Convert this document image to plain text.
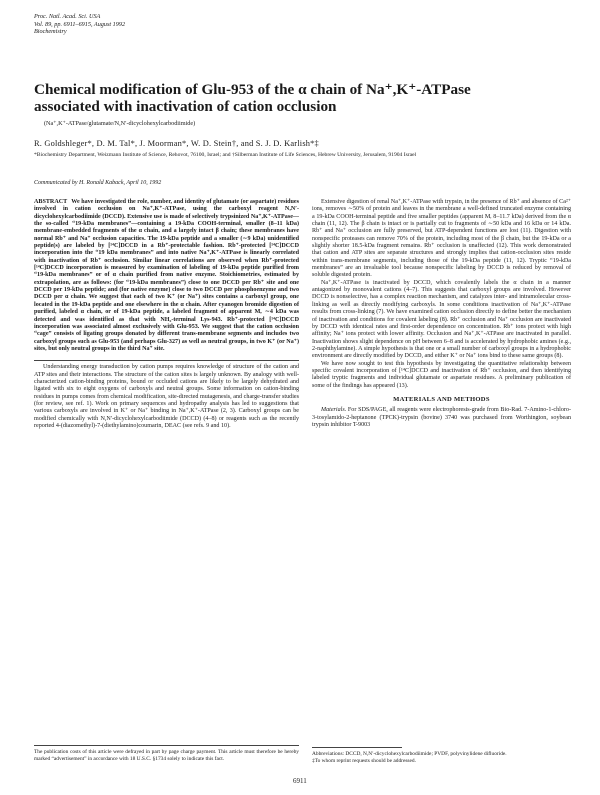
Proc. Natl. Acad. Sci. USA
Vol. 89, pp. 6911–6915, August 1992
Biochemistry
Chemical modification of Glu-953 of the α chain of Na⁺,K⁺-ATPase
associated with inactivation of cation occlusion
(Na⁺,K⁺-ATPase/glutamate/N,N′-dicyclohexylcarbodiimide)
R. Goldshleger*, D. M. Tal*, J. Moorman*, W. D. Stein†, and S. J. D. Karlish*‡
*Biochemistry Department, Weizmann Institute of Science, Rehovot, 76100, Israel; and †Silberman Institute of Life Sciences, Hebrew University, Jerusalem, 91904 Israel
Communicated by H. Ronald Kaback, April 10, 1992

ABSTRACT We have investigated the role, number, and identity of glutamate (or aspartate) residues involved in cation occlusion on Na⁺,K⁺-ATPase, using the carboxyl reagent N,N′-dicyclohexylcarbodiimide (DCCD). Extensive use is made of selectively trypsinized Na⁺,K⁺-ATPase—the so-called “19-kDa membranes”—containing a 19-kDa COOH-terminal, smaller (8–11 kDa) membrane-embedded fragments of the α chain, and a largely intact β chain; these membranes have normal Rb⁺ and Na⁺ occlusion capacities. The 19-kDa peptide and a smaller (∼9 kDa) unidentified peptide(s) are labeled by [¹⁴C]DCCD in a Rb⁺-protectable fashion. Rb⁺-protected [¹⁴C]DCCD incorporation into the “19 kDa membranes” and into native Na⁺,K⁺-ATPase is linearly correlated with inactivation of Rb⁺ occlusion. Similar linear correlations are observed when Rb⁺-protected [¹⁴C]DCCD incorporation is measured by examination of labeling of 19-kDa peptide purified from “19-kDa membranes” or of α chain purified from native enzyme. Stoichiometries, estimated by extrapolation, are as follows: (for “19-kDa membranes”) close to one DCCD per Rb⁺ site and one DCCD per 19-kDa peptide; and (for native enzyme) close to two DCCD per phosphoenzyme and two DCCD per α chain. We suggest that each of two K⁺ (or Na⁺) sites contains a carboxyl group, one located in the 19-kDa peptide and one elsewhere in the α chain. After cyanogen bromide digestion of purified, labeled α chain, or of 19-kDa peptide, a labeled fragment of apparent Mᵣ ∼4 kDa was detected and was identified as that with NH₂-terminal Lys-943. Rb⁺-protected [¹⁴C]DCCD incorporation was associated almost exclusively with Glu-953. We suggest that the cation occlusion “cage” consists of ligating groups donated by different trans-membrane segments and includes two carboxyl groups such as Glu-953 (and perhaps Glu-327) as well as neutral groups, in two K⁺ (or Na⁺) sites, but only neutral groups in the third Na⁺ site.

Understanding energy transduction by cation pumps requires knowledge of structure of the cation and ATP sites and their interactions. The structure of the cation sites is largely unknown. By analogy with well-characterized cation-binding proteins, bound or occluded cations are likely to be largely dehydrated and ligated with six to eight oxygens of carboxyls and neutral groups. Some information on cation-binding residues in pumps comes from chemical modification, site-directed mutagenesis, and charge-transfer studies (for review, see ref. 1). Work on primary sequences and hydropathy analysis has led to suggestions that various carboxyls are involved in K⁺ or Na⁺ binding in Na⁺,K⁺-ATPase (2, 3). Carboxyl groups can be modified chemically with N,N′-dicyclohexylcarbodiimide (DCCD) (4–8) or reagents such as the recently reported 4-(diazomethyl)-7-(diethylamino)coumarin, DEAC (see refs. 9 and 10).

Extensive digestion of renal Na⁺,K⁺-ATPase with trypsin, in the presence of Rb⁺ and absence of Ca²⁺ ions, removes ∼50% of protein and leaves in the membrane a well-defined truncated enzyme containing a 19-kDa COOH-terminal peptide and five smaller peptides (apparent Mᵣ 8–11.7 kDa) derived from the α chain (11, 12). The β chain is intact or is partially cut to fragments of ∼50 kDa and 16 kDa or 14 kDa. Rb⁺ and Na⁺ occlusion are fully preserved, but ATP-dependent functions are lost (11). Digestion with nonspecific proteases can remove 70% of the protein, including most of the β chain, but the 19-kDa or a slightly shorter 18.5-kDa fragment remains. Rb⁺ occlusion is unaffected (12). This work demonstrated that cation and ATP sites are separate structures and strongly implies that cation-occlusion sites reside within trans-membrane segments, including those of the 19-kDa peptide (11, 12). Tryptic “19-kDa membranes” are an invaluable tool because nonspecific labeling by DCCD is reduced by removal of soluble digested protein.

Na⁺,K⁺-ATPase is inactivated by DCCD, which covalently labels the α chain in a manner antagonized by monovalent cations (4–7). This suggests that carboxyl groups are involved. However DCCD is nonselective, has a complex reaction mechanism, and catalyzes inter- and intramolecular cross-linking as well as directly modifying carboxyls. In some conditions inactivation of Na⁺,K⁺-ATPase results from cross-linking (7). We have examined cation occlusion directly to define better the mechanism of inactivation and conditions for covalent labeling (8). Rb⁺ occlusion and Na⁺ occlusion are inactivated by DCCD with identical rates and first-order dependence on concentration. Rb⁺ ions protect with high affinity; Na⁺ ions protect with lower affinity. Occlusion and Na⁺,K⁺-ATPase are inactivated in parallel. Inactivation shows slight dependence on pH between 6–8 and is accelerated by hydrophobic amines (e.g., 2-naphthylamine). A simple hypothesis is that one or a small number of carboxyl groups in a hydrophobic environment are directly modified by DCCD, and either K⁺ or Na⁺ ions bind to these same groups (8).

We have now sought to test this hypothesis by investigating the quantitative relationship between specific covalent incorporation of [¹⁴C]DCCD and inactivation of Rb⁺ occlusion, and then identifying labeled tryptic fragments and individual glutamate or aspartate residues. A preliminary publication of some of the findings has appeared (13).

MATERIALS AND METHODS

Materials. For SDS/PAGE, all reagents were electrophoresis-grade from Bio-Rad. 7-Amino-1-chloro-3-tosylamido-2-heptanone (TPCK)-trypsin (bovine) 3740 was purchased from Worthington, soybean trypsin inhibitor T-9003

The publication costs of this article were defrayed in part by page charge payment. This article must therefore be hereby marked “advertisement” in accordance with 18 U.S.C. §1734 solely to indicate this fact.
Abbreviations: DCCD, N,N′-dicyclohexylcarbodiimide; PVDF, polyvinylidene difluoride.
‡To whom reprint requests should be addressed.
6911
